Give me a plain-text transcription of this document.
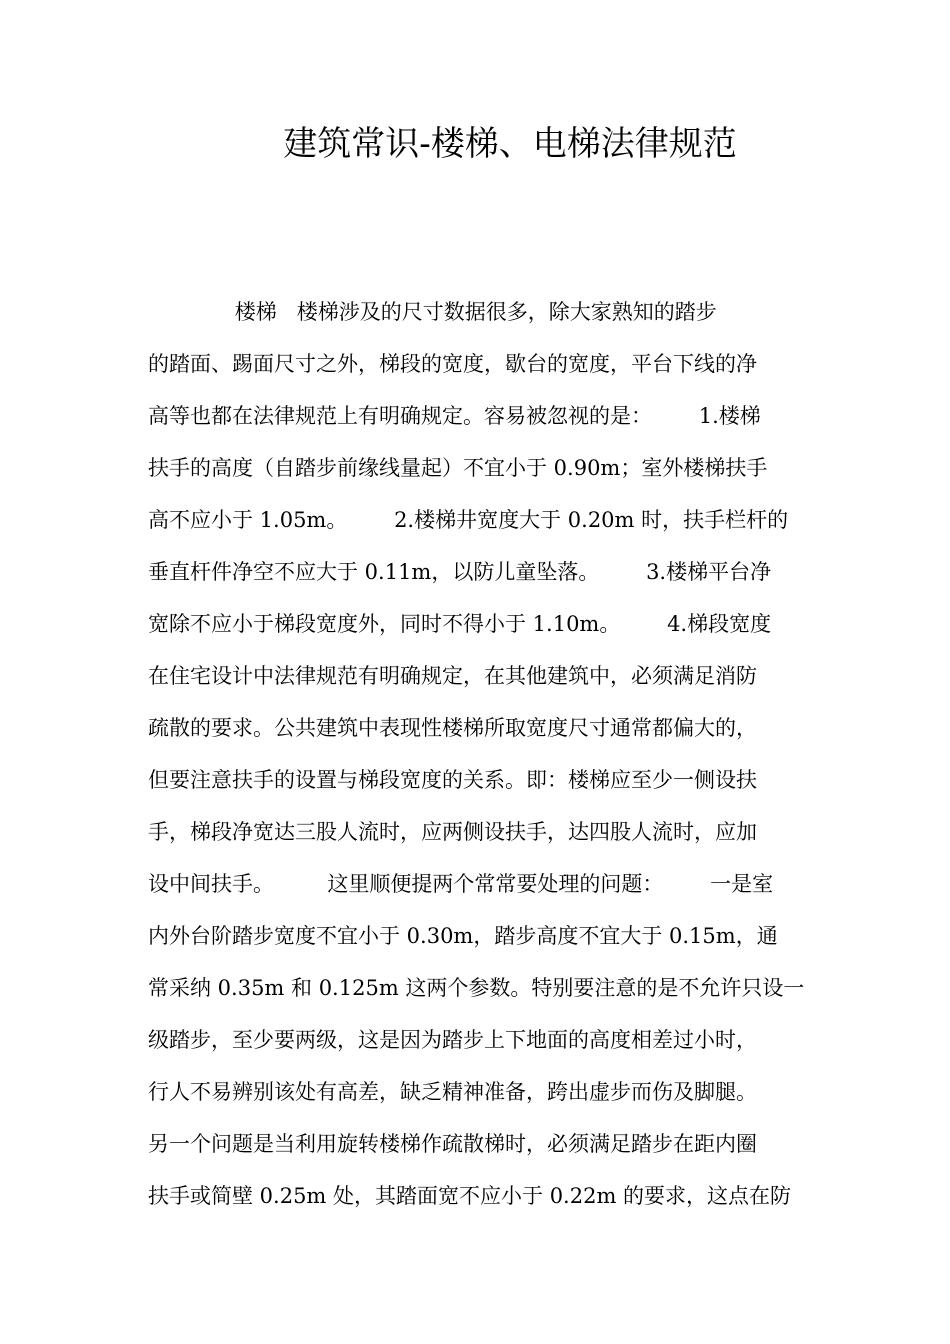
建筑常识-楼梯、电梯法律规范
楼梯   楼梯涉及的尺寸数据很多，除大家熟知的踏步
的踏面、踢面尺寸之外，梯段的宽度，歇台的宽度，平台下线的净
高等也都在法律规范上有明确规定。容易被忽视的是：       1.楼梯
扶手的高度（自踏步前缘线量起）不宜小于 0.90m；室外楼梯扶手
高不应小于 1.05m。       2.楼梯井宽度大于 0.20m 时，扶手栏杆的
垂直杆件净空不应大于 0.11m，以防儿童坠落。       3.楼梯平台净
宽除不应小于梯段宽度外，同时不得小于 1.10m。       4.梯段宽度
在住宅设计中法律规范有明确规定，在其他建筑中，必须满足消防
疏散的要求。公共建筑中表现性楼梯所取宽度尺寸通常都偏大的，
但要注意扶手的设置与梯段宽度的关系。即：楼梯应至少一侧设扶
手，梯段净宽达三股人流时，应两侧设扶手，达四股人流时，应加
设中间扶手。        这里顺便提两个常常要处理的问题：       一是室
内外台阶踏步宽度不宜小于 0.30m，踏步高度不宜大于 0.15m，通
常采纳 0.35m 和 0.125m 这两个参数。特别要注意的是不允许只设一
级踏步，至少要两级，这是因为踏步上下地面的高度相差过小时，
行人不易辨别该处有高差，缺乏精神准备，跨出虚步而伤及脚腿。
另一个问题是当利用旋转楼梯作疏散梯时，必须满足踏步在距内圈
扶手或简壁 0.25m 处，其踏面宽不应小于 0.22m 的要求，这点在防
